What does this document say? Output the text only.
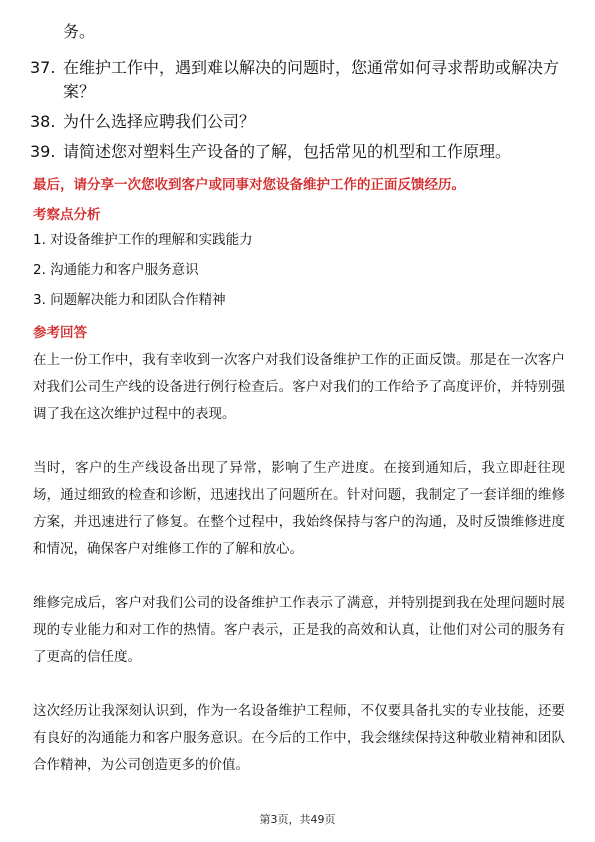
务。
37. 在维护工作中，遇到难以解决的问题时，您通常如何寻求帮助或解决方案？
38. 为什么选择应聘我们公司？
39. 请简述您对塑料生产设备的了解，包括常见的机型和工作原理。
最后，请分享一次您收到客户或同事对您设备维护工作的正面反馈经历。
考察点分析
1. 对设备维护工作的理解和实践能力
2. 沟通能力和客户服务意识
3. 问题解决能力和团队合作精神
参考回答

在上一份工作中，我有幸收到一次客户对我们设备维护工作的正面反馈。那是在一次客户对我们公司生产线的设备进行例行检查后。客户对我们的工作给予了高度评价，并特别强调了我在这次维护过程中的表现。

当时，客户的生产线设备出现了异常，影响了生产进度。在接到通知后，我立即赶往现场，通过细致的检查和诊断，迅速找出了问题所在。针对问题，我制定了一套详细的维修方案，并迅速进行了修复。在整个过程中，我始终保持与客户的沟通，及时反馈维修进度和情况，确保客户对维修工作的了解和放心。

维修完成后，客户对我们公司的设备维护工作表示了满意，并特别提到我在处理问题时展现的专业能力和对工作的热情。客户表示，正是我的高效和认真，让他们对公司的服务有了更高的信任度。

这次经历让我深刻认识到，作为一名设备维护工程师，不仅要具备扎实的专业技能，还要有良好的沟通能力和客户服务意识。在今后的工作中，我会继续保持这种敬业精神和团队合作精神，为公司创造更多的价值。

第3页，共49页
